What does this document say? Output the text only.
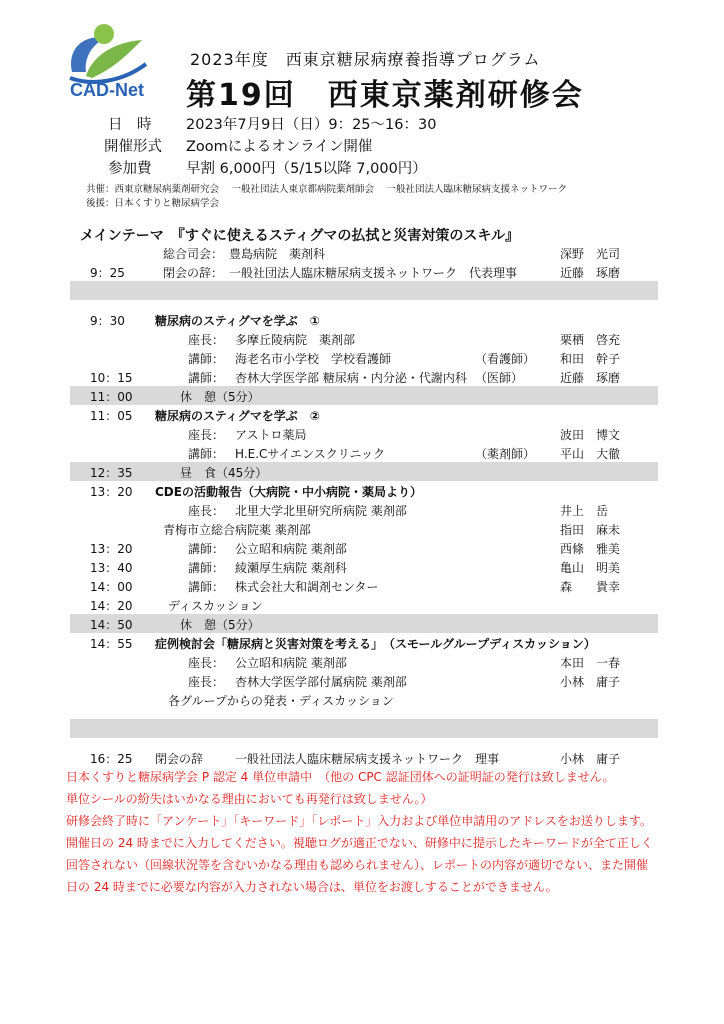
CAD-Net
2023年度　西東京糖尿病療養指導プログラム
第19回　西東京薬剤研修会
日　時 2023年7月9日（日）9：25～16：30
開催形式 Zoomによるオンライン開催
参加費 早割 6,000円（5/15以降 7,000円）
共催：西東京糖尿病薬剤研究会　 一般社団法人東京都病院薬剤師会　 一般社団法人臨床糖尿病支援ネットワーク
後援：日本くすりと糖尿病学会
メインテーマ　『すぐに使えるスティグマの払拭と災害対策のスキル』
総合司会：　豊島病院　薬剤科	深野　光司
9：25	閉会の辞：　一般社団法人臨床糖尿病支援ネットワーク　代表理事	近藤　琢磨
9：30	糖尿病のスティグマを学ぶ　①
座長： 多摩丘陵病院　薬剤部	栗栖　啓充
講師： 海老名市小学校　学校看護師	（看護師） 和田　幹子
10：15	講師： 杏林大学医学部 糖尿病・内分泌・代謝内科 （医師）	近藤　琢磨
11：00	休　憩（5分）
11：05 糖尿病のスティグマを学ぶ　②
座長： アストロ薬局	波田　博文
講師： H.E.Cサイエンスクリニック	（薬剤師） 平山　大徹
12：35	昼　食（45分）
13：20 CDEの活動報告（大病院・中小病院・薬局より）
座長： 北里大学北里研究所病院 薬剤部	井上　岳
青梅市立総合病院薬 薬剤部	指田　麻未
13：20	講師： 公立昭和病院 薬剤部	西條　雅美
13：40	講師： 綾瀬厚生病院 薬剤科	亀山　明美
14：00	講師： 株式会社大和調剤センター	森　　貴幸
14：20	ディスカッション
14：50	休　憩（5分）
14：55 症例検討会「糖尿病と災害対策を考える」　（スモールグループディスカッション）
座長： 公立昭和病院 薬剤部	本田　一春
座長： 杏林大学医学部付属病院 薬剤部	小林　庸子
各グループからの発表・ディスカッション
16：25 閉会の辞	一般社団法人臨床糖尿病支援ネットワーク　理事	小林　庸子
日本くすりと糖尿病学会 P 認定 4 単位申請中　（他の CPC 認証団体への証明証の発行は致しません。
単位シールの紛失はいかなる理由においても再発行は致しません。）
研修会終了時に「アンケート」「キーワード」「レポート」入力および単位申請用のアドレスをお送りします。
開催日の 24 時までに入力してください。視聴ログが適正でない、研修中に提示したキーワードが全て正しく
回答されない（回線状況等を含むいかなる理由も認められません）、レポートの内容が適切でない、また開催
日の 24 時までに必要な内容が入力されない場合は、単位をお渡しすることができません。
